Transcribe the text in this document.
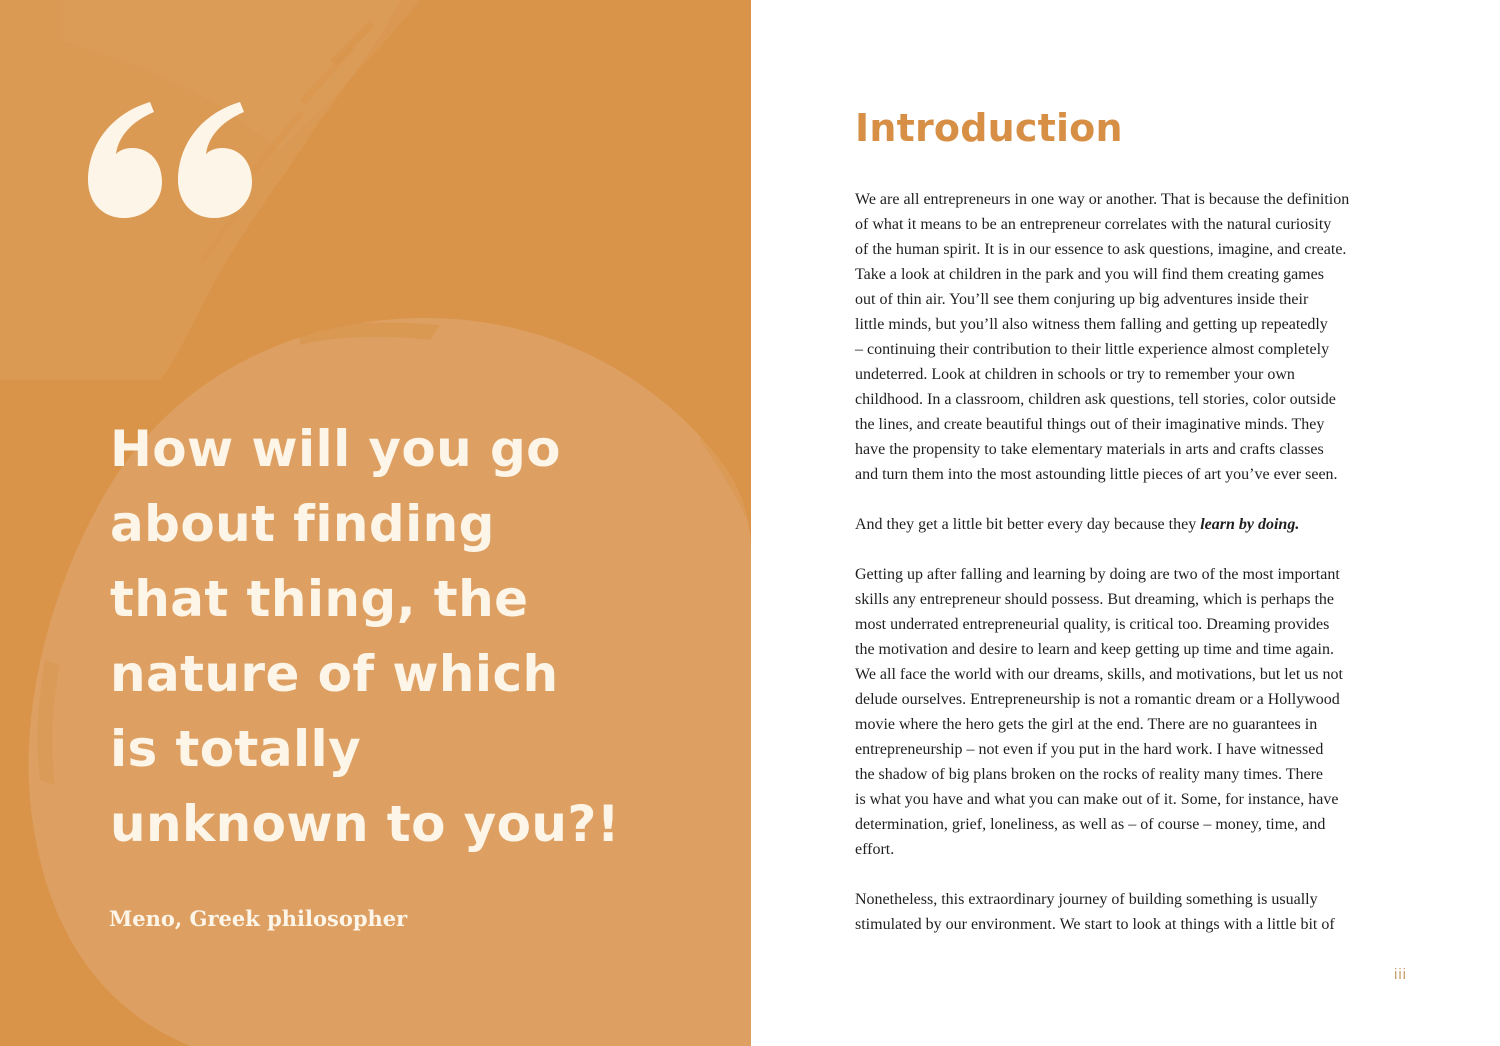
How will you go
about finding
that thing, the
nature of which
is totally
unknown to you?!

Meno, Greek philosopher

Introduction

We are all entrepreneurs in one way or another. That is because the definition
of what it means to be an entrepreneur correlates with the natural curiosity
of the human spirit. It is in our essence to ask questions, imagine, and create.
Take a look at children in the park and you will find them creating games
out of thin air. You’ll see them conjuring up big adventures inside their
little minds, but you’ll also witness them falling and getting up repeatedly
– continuing their contribution to their little experience almost completely
undeterred. Look at children in schools or try to remember your own
childhood. In a classroom, children ask questions, tell stories, color outside
the lines, and create beautiful things out of their imaginative minds. They
have the propensity to take elementary materials in arts and crafts classes
and turn them into the most astounding little pieces of art you’ve ever seen.

And they get a little bit better every day because they learn by doing.

Getting up after falling and learning by doing are two of the most important
skills any entrepreneur should possess. But dreaming, which is perhaps the
most underrated entrepreneurial quality, is critical too. Dreaming provides
the motivation and desire to learn and keep getting up time and time again.
We all face the world with our dreams, skills, and motivations, but let us not
delude ourselves. Entrepreneurship is not a romantic dream or a Hollywood
movie where the hero gets the girl at the end. There are no guarantees in
entrepreneurship – not even if you put in the hard work. I have witnessed
the shadow of big plans broken on the rocks of reality many times. There
is what you have and what you can make out of it. Some, for instance, have
determination, grief, loneliness, as well as – of course – money, time, and
effort.

Nonetheless, this extraordinary journey of building something is usually
stimulated by our environment. We start to look at things with a little bit of

iii
